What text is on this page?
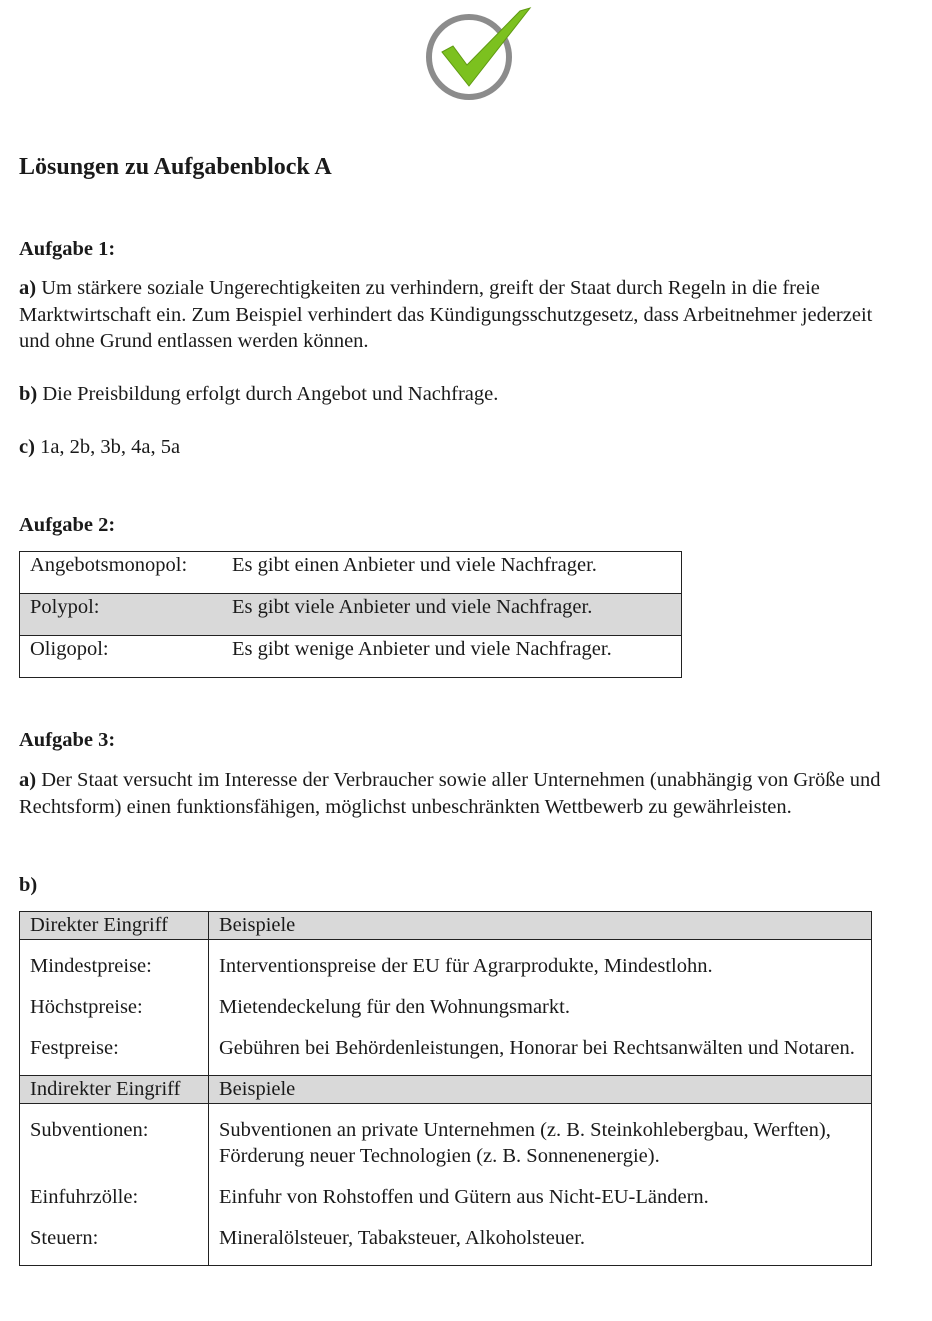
Lösungen zu Aufgabenblock A
Aufgabe 1:
a) Um stärkere soziale Ungerechtigkeiten zu verhindern, greift der Staat durch Regeln in die freie Marktwirtschaft ein. Zum Beispiel verhindert das Kündigungsschutzgesetz, dass Arbeitnehmer jederzeit und ohne Grund entlassen werden können.
b) Die Preisbildung erfolgt durch Angebot und Nachfrage.
c) 1a, 2b, 3b, 4a, 5a
Aufgabe 2:
Angebotsmonopol:	Es gibt einen Anbieter und viele Nachfrager.
Polypol:	Es gibt viele Anbieter und viele Nachfrager.
Oligopol:	Es gibt wenige Anbieter und viele Nachfrager.
Aufgabe 3:
a) Der Staat versucht im Interesse der Verbraucher sowie aller Unternehmen (unabhängig von Größe und Rechtsform) einen funktionsfähigen, möglichst unbeschränkten Wettbewerb zu gewährleisten.
b)
Direkter Eingriff	Beispiele
Mindestpreise:	Interventionspreise der EU für Agrarprodukte, Mindestlohn.
Höchstpreise:	Mietendeckelung für den Wohnungsmarkt.
Festpreise:	Gebühren bei Behördenleistungen, Honorar bei Rechtsanwälten und Notaren.
Indirekter Eingriff	Beispiele
Subventionen:	Subventionen an private Unternehmen (z. B. Steinkohlebergbau, Werften), Förderung neuer Technologien (z. B. Sonnenenergie).
Einfuhrzölle:	Einfuhr von Rohstoffen und Gütern aus Nicht-EU-Ländern.
Steuern:	Mineralölsteuer, Tabaksteuer, Alkoholsteuer.
